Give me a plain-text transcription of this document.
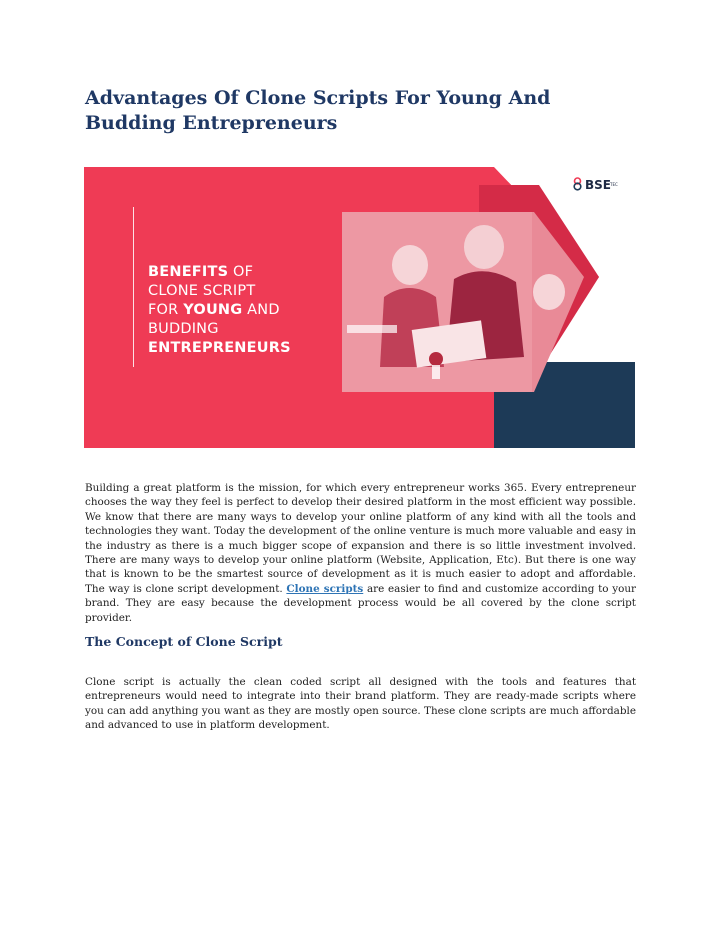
Advantages Of Clone Scripts For Young And Budding Entrepreneurs
BSE TEC
BENEFITS OF
CLONE SCRIPT
FOR YOUNG AND
BUDDING
ENTREPRENEURS

Building a great platform is the mission, for which every entrepreneur works 365. Every entrepreneur chooses the way they feel is perfect to develop their desired platform in the most efficient way possible. We know that there are many ways to develop your online platform of any kind with all the tools and technologies they want. Today the development of the online venture is much more valuable and easy in the industry as there is a much bigger scope of expansion and there is so little investment involved. There are many ways to develop your online platform (Website, Application, Etc). But there is one way that is known to be the smartest source of development as it is much easier to adopt and affordable. The way is clone script development. Clone scripts are easier to find and customize according to your brand. They are easy because the development process would be all covered by the clone script provider.

The Concept of Clone Script

Clone script is actually the clean coded script all designed with the tools and features that entrepreneurs would need to integrate into their brand platform. They are ready-made scripts where you can add anything you want as they are mostly open source. These clone scripts are much affordable and advanced to use in platform development.
